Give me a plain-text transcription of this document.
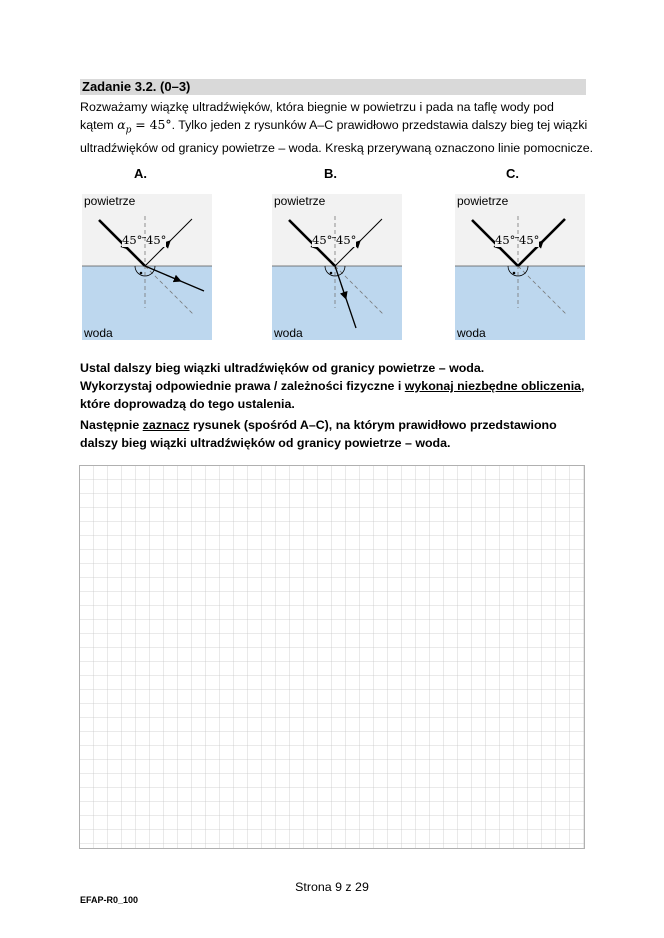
Zadanie 3.2. (0–3)

Rozważamy wiązkę ultradźwięków, która biegnie w powietrzu i pada na taflę wody pod

kątem $\alpha_p = 45^\circ$. Tylko jeden z rysunków A–C prawidłowo przedstawia dalszy bieg tej wiązki

ultradźwięków od granicy powietrze – woda. Kreską przerywaną oznaczono linie pomocnicze.

A.	B.	C.
powietrze
woda
45° 45°
powietrze
woda
45° 45°
powietrze
woda
45° 45°

Ustal dalszy bieg wiązki ultradźwięków od granicy powietrze – woda.

Wykorzystaj odpowiednie prawa / zależności fizyczne i wykonaj niezbędne obliczenia,

które doprowadzą do tego ustalenia.

Następnie zaznacz rysunek (spośród A–C), na którym prawidłowo przedstawiono

dalszy bieg wiązki ultradźwięków od granicy powietrze – woda.

Strona 9 z 29
EFAP-R0_100
